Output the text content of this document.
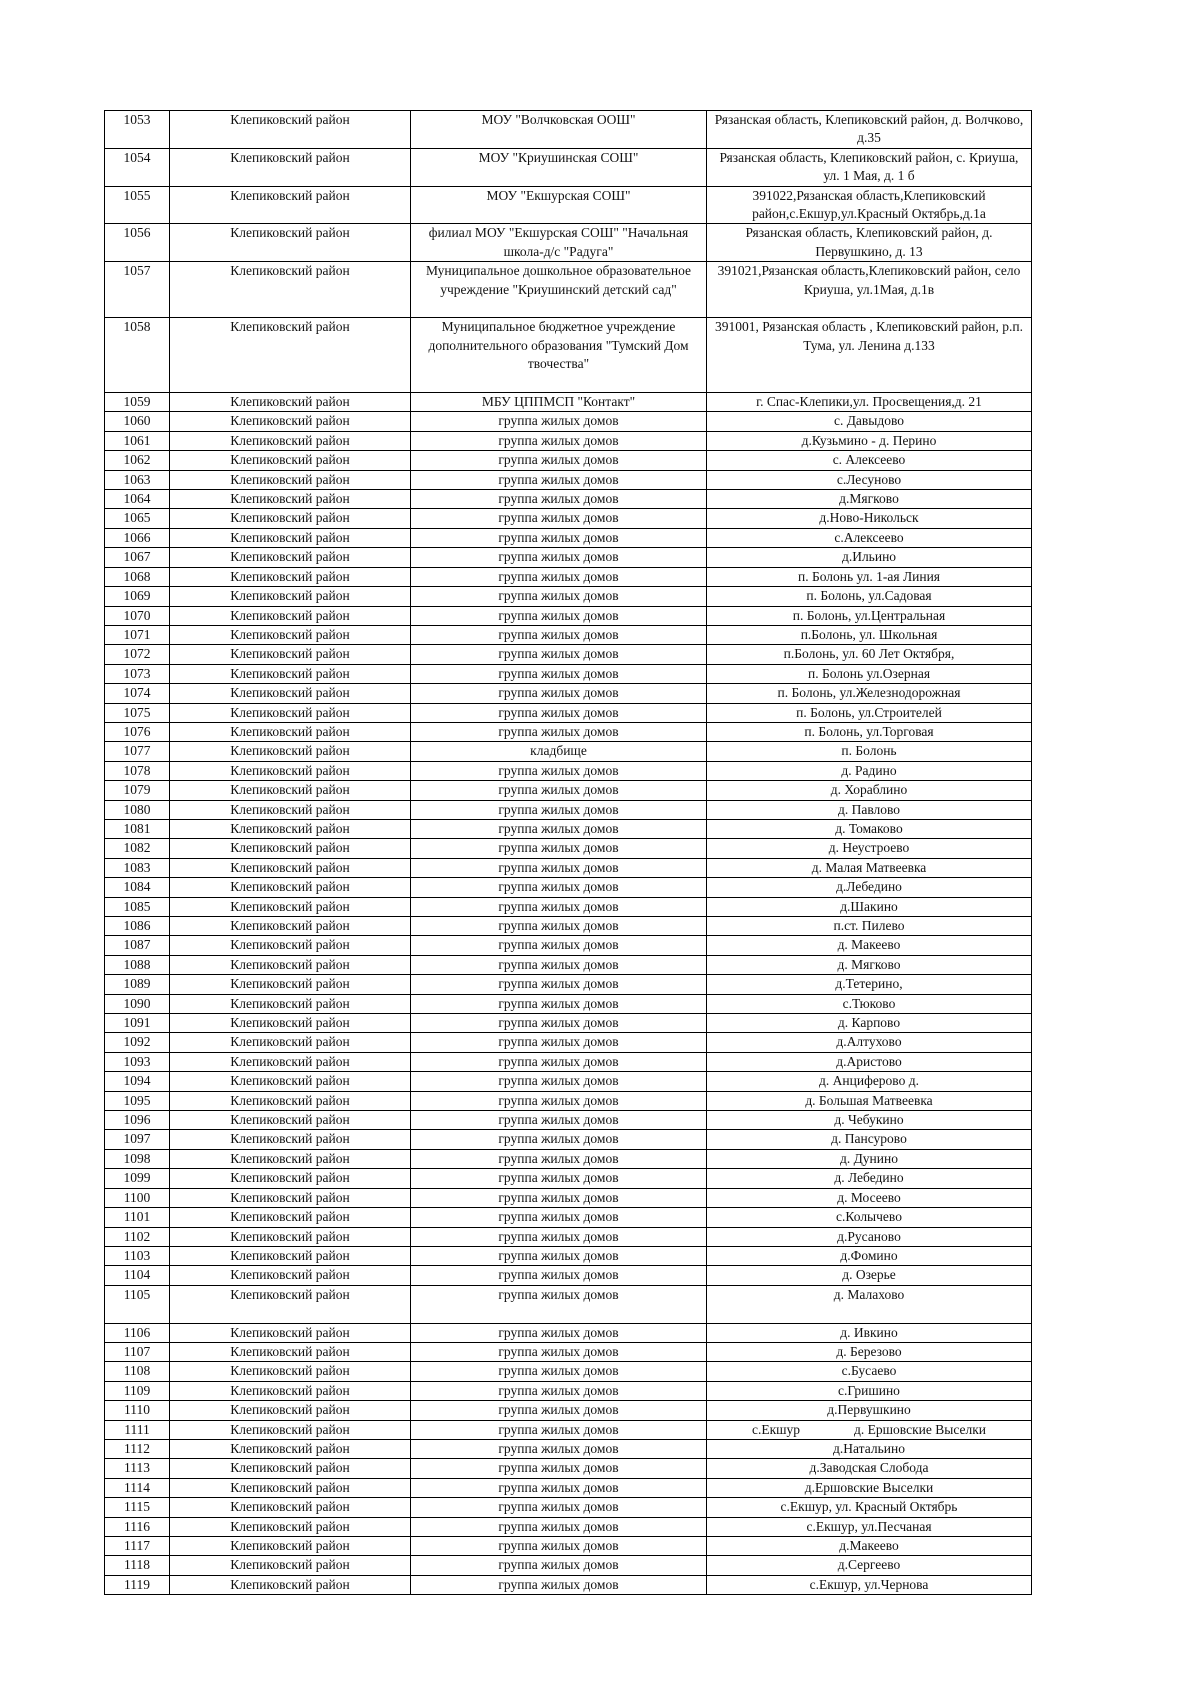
1053	Клепиковский район	МОУ "Волчковская ООШ"	Рязанская область, Клепиковский район, д. Волчково, д.35
1054	Клепиковский район	МОУ "Криушинская СОШ"	Рязанская область, Клепиковский район, с. Криуша, ул. 1 Мая, д. 1 б
1055	Клепиковский район	МОУ "Екшурская СОШ"	391022,Рязанская область,Клепиковский район,с.Екшур,ул.Красный Октябрь,д.1а
1056	Клепиковский район	филиал МОУ "Екшурская СОШ" "Начальная школа-д/с "Радуга"	Рязанская область, Клепиковский район, д. Первушкино, д. 13
1057	Клепиковский район	Муниципальное дошкольное образовательное учреждение "Криушинский детский сад"	391021,Рязанская область,Клепиковский район, село Криуша, ул.1Мая, д.1в
1058	Клепиковский район	Муниципальное бюджетное учреждение дополнительного образования "Тумский Дом твочества"	391001, Рязанская область , Клепиковский район, р.п. Тума, ул. Ленина д.133
1059	Клепиковский район	МБУ ЦППМСП "Контакт"	г. Спас-Клепики,ул. Просвещения,д. 21
1060	Клепиковский район	группа жилых домов	с. Давыдово
1061	Клепиковский район	группа жилых домов	д.Кузьмино - д. Перино
1062	Клепиковский район	группа жилых домов	с. Алексеево
1063	Клепиковский район	группа жилых домов	с.Лесуново
1064	Клепиковский район	группа жилых домов	д.Мягково
1065	Клепиковский район	группа жилых домов	д.Ново-Никольск
1066	Клепиковский район	группа жилых домов	с.Алексеево
1067	Клепиковский район	группа жилых домов	д.Ильино
1068	Клепиковский район	группа жилых домов	п. Болонь ул. 1-ая Линия
1069	Клепиковский район	группа жилых домов	п. Болонь, ул.Садовая
1070	Клепиковский район	группа жилых домов	п. Болонь, ул.Центральная
1071	Клепиковский район	группа жилых домов	п.Болонь, ул. Школьная
1072	Клепиковский район	группа жилых домов	п.Болонь, ул. 60 Лет Октября,
1073	Клепиковский район	группа жилых домов	п. Болонь ул.Озерная
1074	Клепиковский район	группа жилых домов	п. Болонь, ул.Железнодорожная
1075	Клепиковский район	группа жилых домов	п. Болонь, ул.Строителей
1076	Клепиковский район	группа жилых домов	п. Болонь, ул.Торговая
1077	Клепиковский район	кладбище	п. Болонь
1078	Клепиковский район	группа жилых домов	д. Радино
1079	Клепиковский район	группа жилых домов	д. Хораблино
1080	Клепиковский район	группа жилых домов	д. Павлово
1081	Клепиковский район	группа жилых домов	д. Томаково
1082	Клепиковский район	группа жилых домов	д. Неустроево
1083	Клепиковский район	группа жилых домов	д. Малая Матвеевка
1084	Клепиковский район	группа жилых домов	д.Лебедино
1085	Клепиковский район	группа жилых домов	д.Шакино
1086	Клепиковский район	группа жилых домов	п.ст. Пилево
1087	Клепиковский район	группа жилых домов	д. Макеево
1088	Клепиковский район	группа жилых домов	д. Мягково
1089	Клепиковский район	группа жилых домов	д.Тетерино,
1090	Клепиковский район	группа жилых домов	с.Тюково
1091	Клепиковский район	группа жилых домов	д. Карпово
1092	Клепиковский район	группа жилых домов	д.Алтухово
1093	Клепиковский район	группа жилых домов	д.Аристово
1094	Клепиковский район	группа жилых домов	д. Анциферово д.
1095	Клепиковский район	группа жилых домов	д. Большая Матвеевка
1096	Клепиковский район	группа жилых домов	д. Чебукино
1097	Клепиковский район	группа жилых домов	д. Пансурово
1098	Клепиковский район	группа жилых домов	д. Дунино
1099	Клепиковский район	группа жилых домов	д. Лебедино
1100	Клепиковский район	группа жилых домов	д. Мосеево
1101	Клепиковский район	группа жилых домов	с.Колычево
1102	Клепиковский район	группа жилых домов	д.Русаново
1103	Клепиковский район	группа жилых домов	д.Фомино
1104	Клепиковский район	группа жилых домов	д. Озерье
1105	Клепиковский район	группа жилых домов	д. Малахово
1106	Клепиковский район	группа жилых домов	д. Ивкино
1107	Клепиковский район	группа жилых домов	д. Березово
1108	Клепиковский район	группа жилых домов	с.Бусаево
1109	Клепиковский район	группа жилых домов	с.Гришино
1110	Клепиковский район	группа жилых домов	д.Первушкино
1111	Клепиковский район	группа жилых домов	с.Екшур                д. Ершовские Выселки
1112	Клепиковский район	группа жилых домов	д.Натальино
1113	Клепиковский район	группа жилых домов	д.Заводская Слобода
1114	Клепиковский район	группа жилых домов	д.Ершовские Выселки
1115	Клепиковский район	группа жилых домов	с.Екшур, ул. Красный Октябрь
1116	Клепиковский район	группа жилых домов	с.Екшур, ул.Песчаная
1117	Клепиковский район	группа жилых домов	д.Макеево
1118	Клепиковский район	группа жилых домов	д.Сергеево
1119	Клепиковский район	группа жилых домов	с.Екшур, ул.Чернова
